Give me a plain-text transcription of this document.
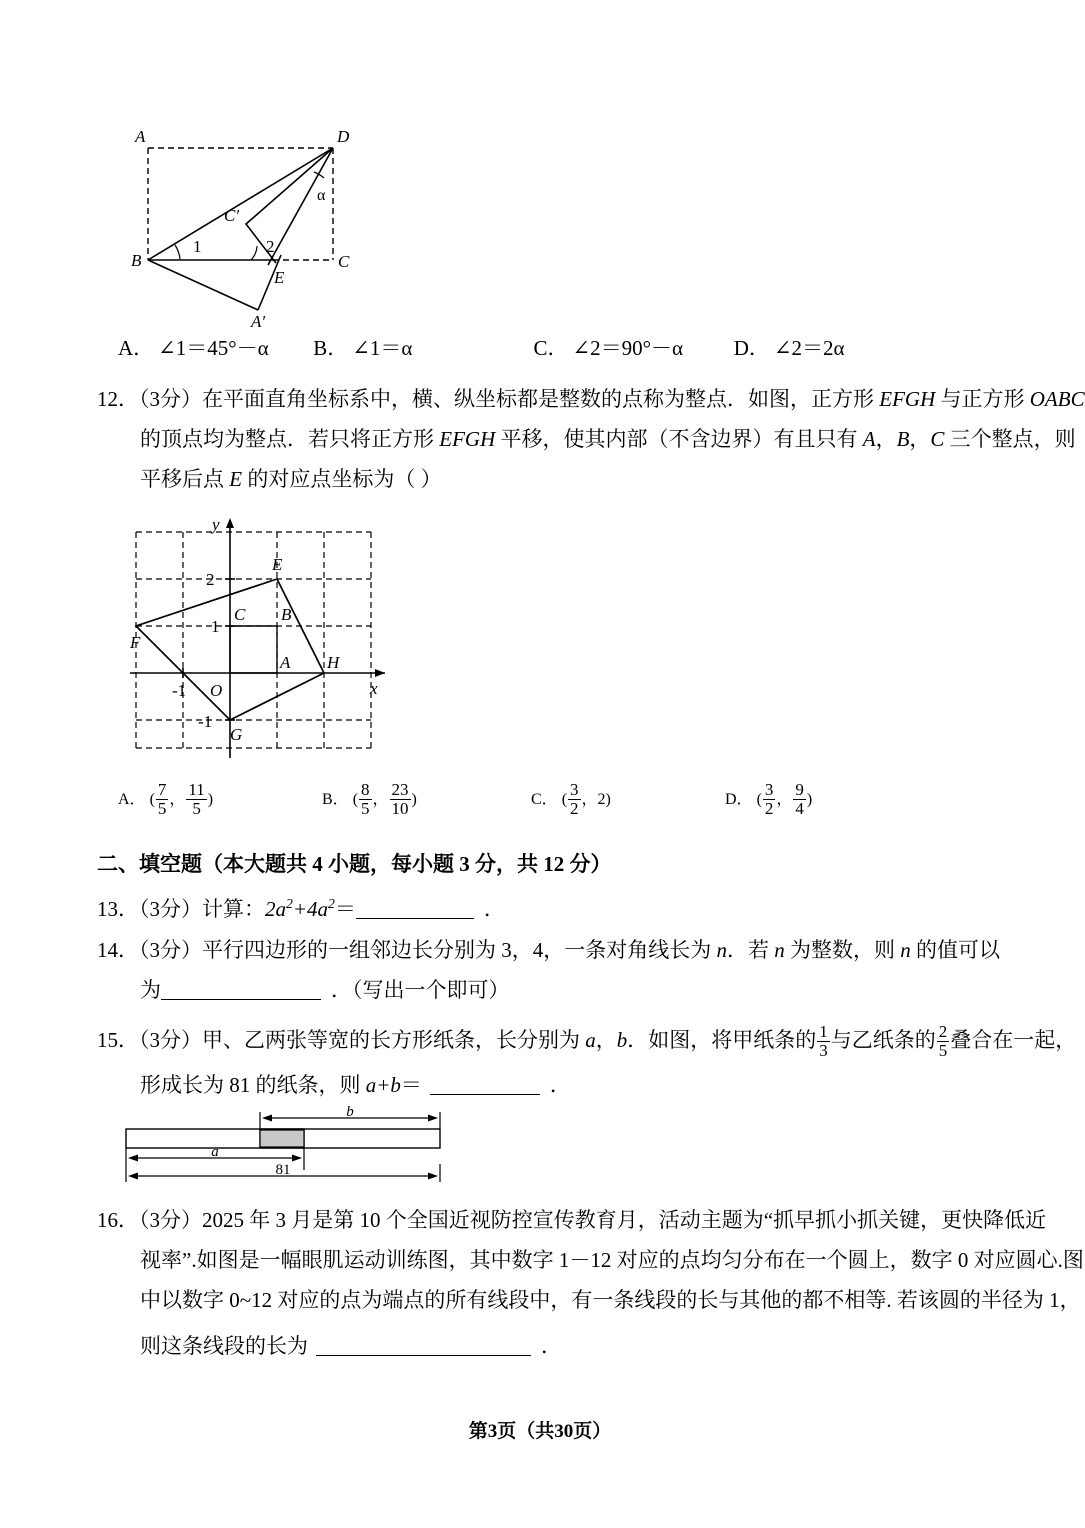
A	D
B	C
E
C′
A′
1	2
α
A． ∠1＝45°－α B． ∠1＝α	C． ∠2＝90°－α D． ∠2＝2α
12．（3分）在平面直角坐标系中，横、纵坐标都是整数的点称为整点．如图，正方形 EFGH 与正方形 OABC
的顶点均为整点．若只将正方形 EFGH 平移，使其内部（不含边界）有且只有 A，B，C 三个整点，则
平移后点 E 的对应点坐标为（ ）
x
y
2
1
-1
-1 O
E
F
G
H
A
B
C
A． ( $\frac{7}{5}$ ， $\frac{11}{5}$ )	B． ( $\frac{8}{5}$ ， $\frac{23}{10}$ )	C． ( $\frac{3}{2}$ ，2)	D． ( $\frac{3}{2}$ ， $\frac{9}{4}$ )
二、填空题（本大题共 4 小题，每小题 3 分，共 12 分）
13．（3分）计算：$2a^2+4a^2=$	．
14．（3分）平行四边形的一组邻边长分别为 3，4，一条对角线长为 n．若 n 为整数，则 n 的值可以
为	．（写出一个即可）
15．（3分）甲、乙两张等宽的长方形纸条，长分别为 a，b．如图，将甲纸条的 $\frac{1}{3}$ 与乙纸条的 $\frac{2}{5}$ 叠合在一起，
形成长为 81 的纸条，则 a+b＝	．
b
a
81
16．（3分）2025 年 3 月是第 10 个全国近视防控宣传教育月，活动主题为“抓早抓小抓关键，更快降低近
视率”.如图是一幅眼肌运动训练图，其中数字 1－12 对应的点均匀分布在一个圆上，数字 0 对应圆心.图
中以数字 0~12 对应的点为端点的所有线段中，有一条线段的长与其他的都不相等. 若该圆的半径为 1，
则这条线段的长为	．
第3页（共30页）
